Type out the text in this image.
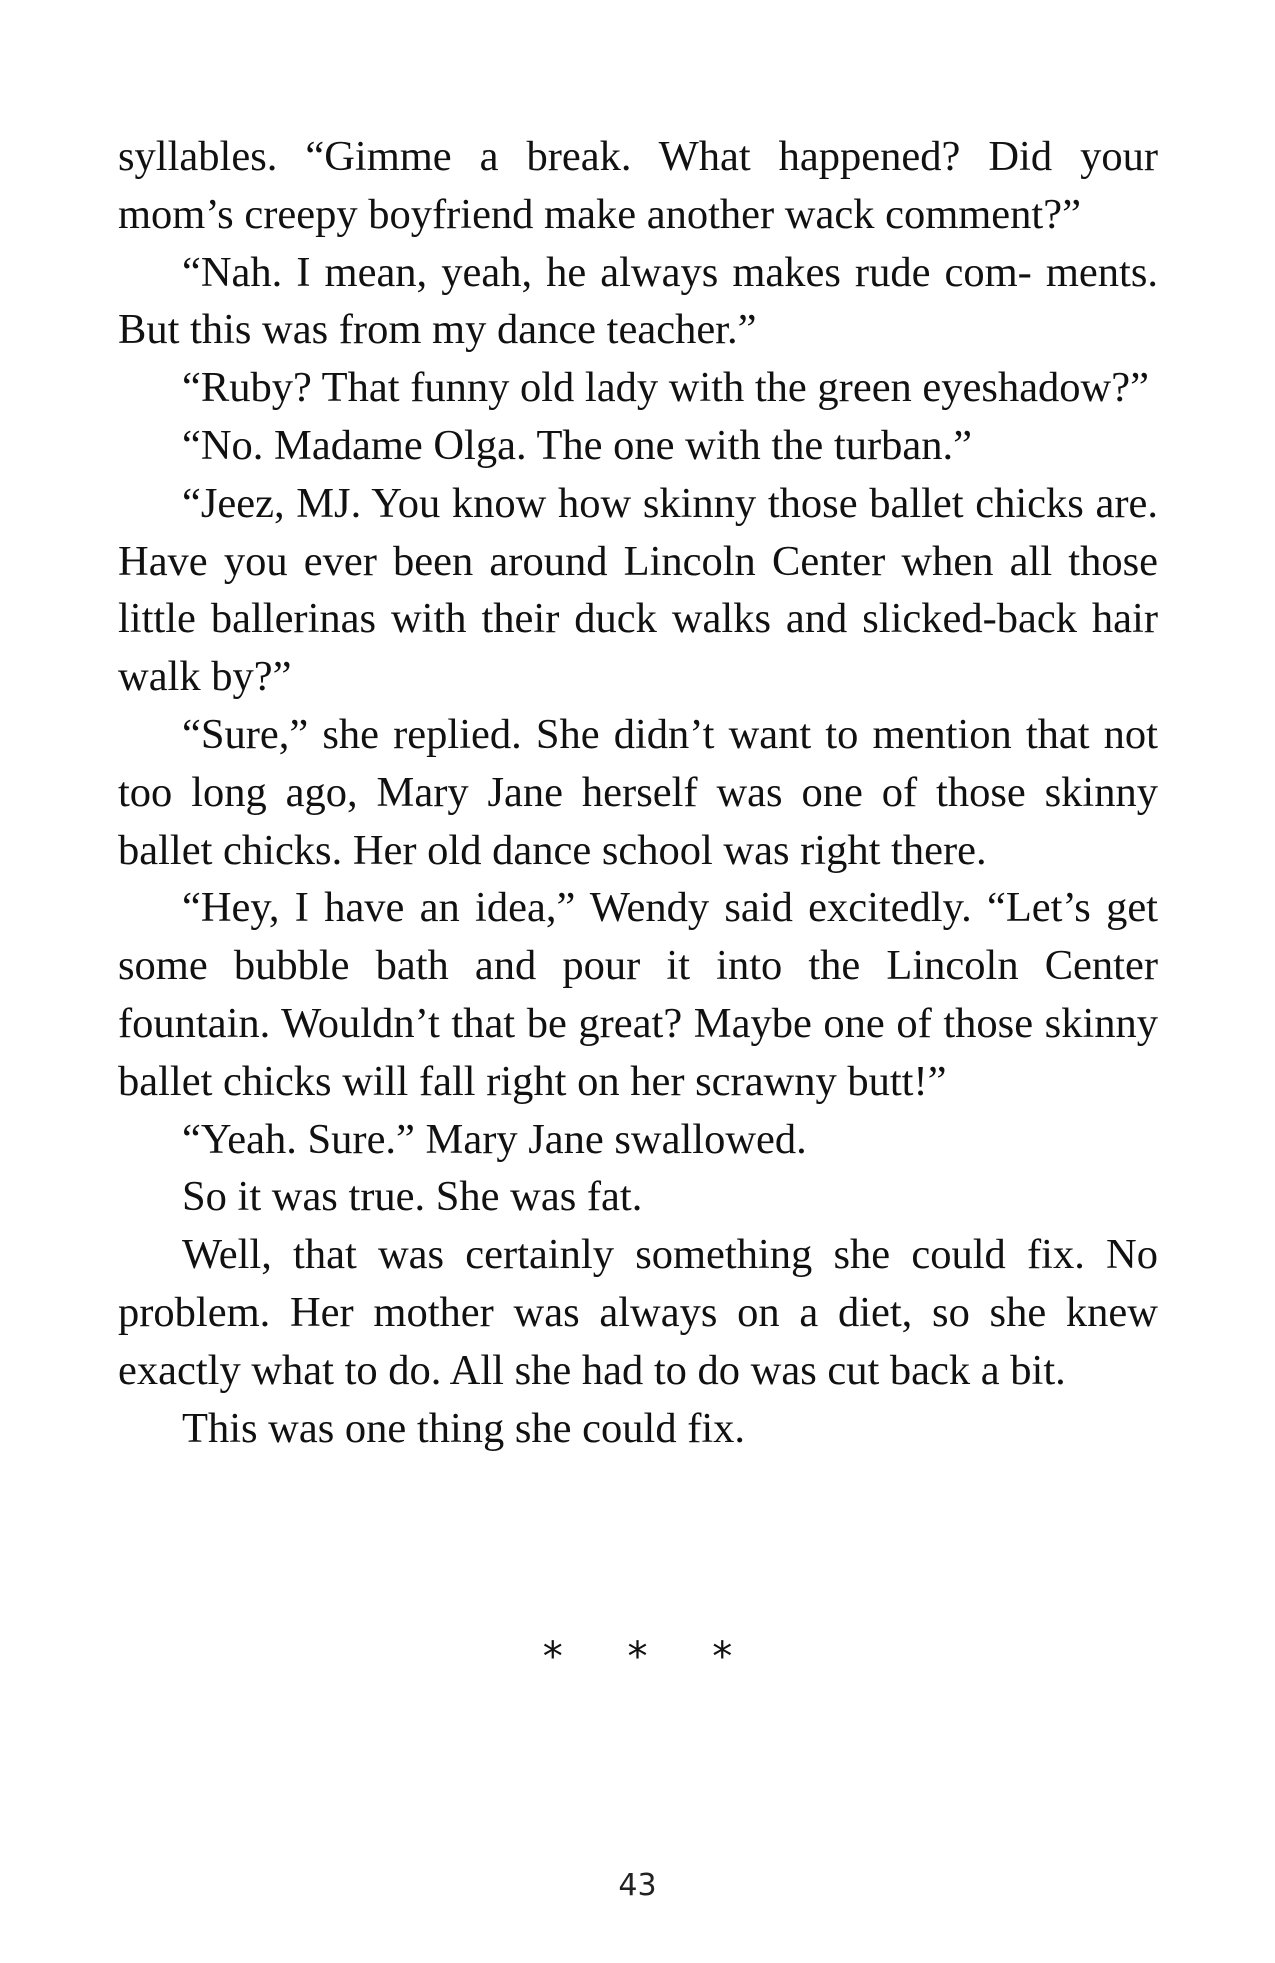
syllables. “Gimme a break. What happened? Did your mom’s creepy boyfriend make another wack comment?”

“Nah. I mean, yeah, he always makes rude com- ments. But this was from my dance teacher.”

“Ruby? That funny old lady with the green eyeshadow?”

“No. Madame Olga. The one with the turban.”

“Jeez, MJ. You know how skinny those ballet chicks are. Have you ever been around Lincoln Center when all those little ballerinas with their duck walks and slicked-back hair walk by?”

“Sure,” she replied. She didn’t want to mention that not too long ago, Mary Jane herself was one of those skinny ballet chicks. Her old dance school was right there.

“Hey, I have an idea,” Wendy said excitedly. “Let’s get some bubble bath and pour it into the Lincoln Center fountain. Wouldn’t that be great? Maybe one of those skinny ballet chicks will fall right on her scrawny butt!”

“Yeah. Sure.” Mary Jane swallowed.

So it was true. She was fat.

Well, that was certainly something she could fix. No problem. Her mother was always on a diet, so she knew exactly what to do. All she had to do was cut back a bit.

This was one thing she could fix.

* * *
43
